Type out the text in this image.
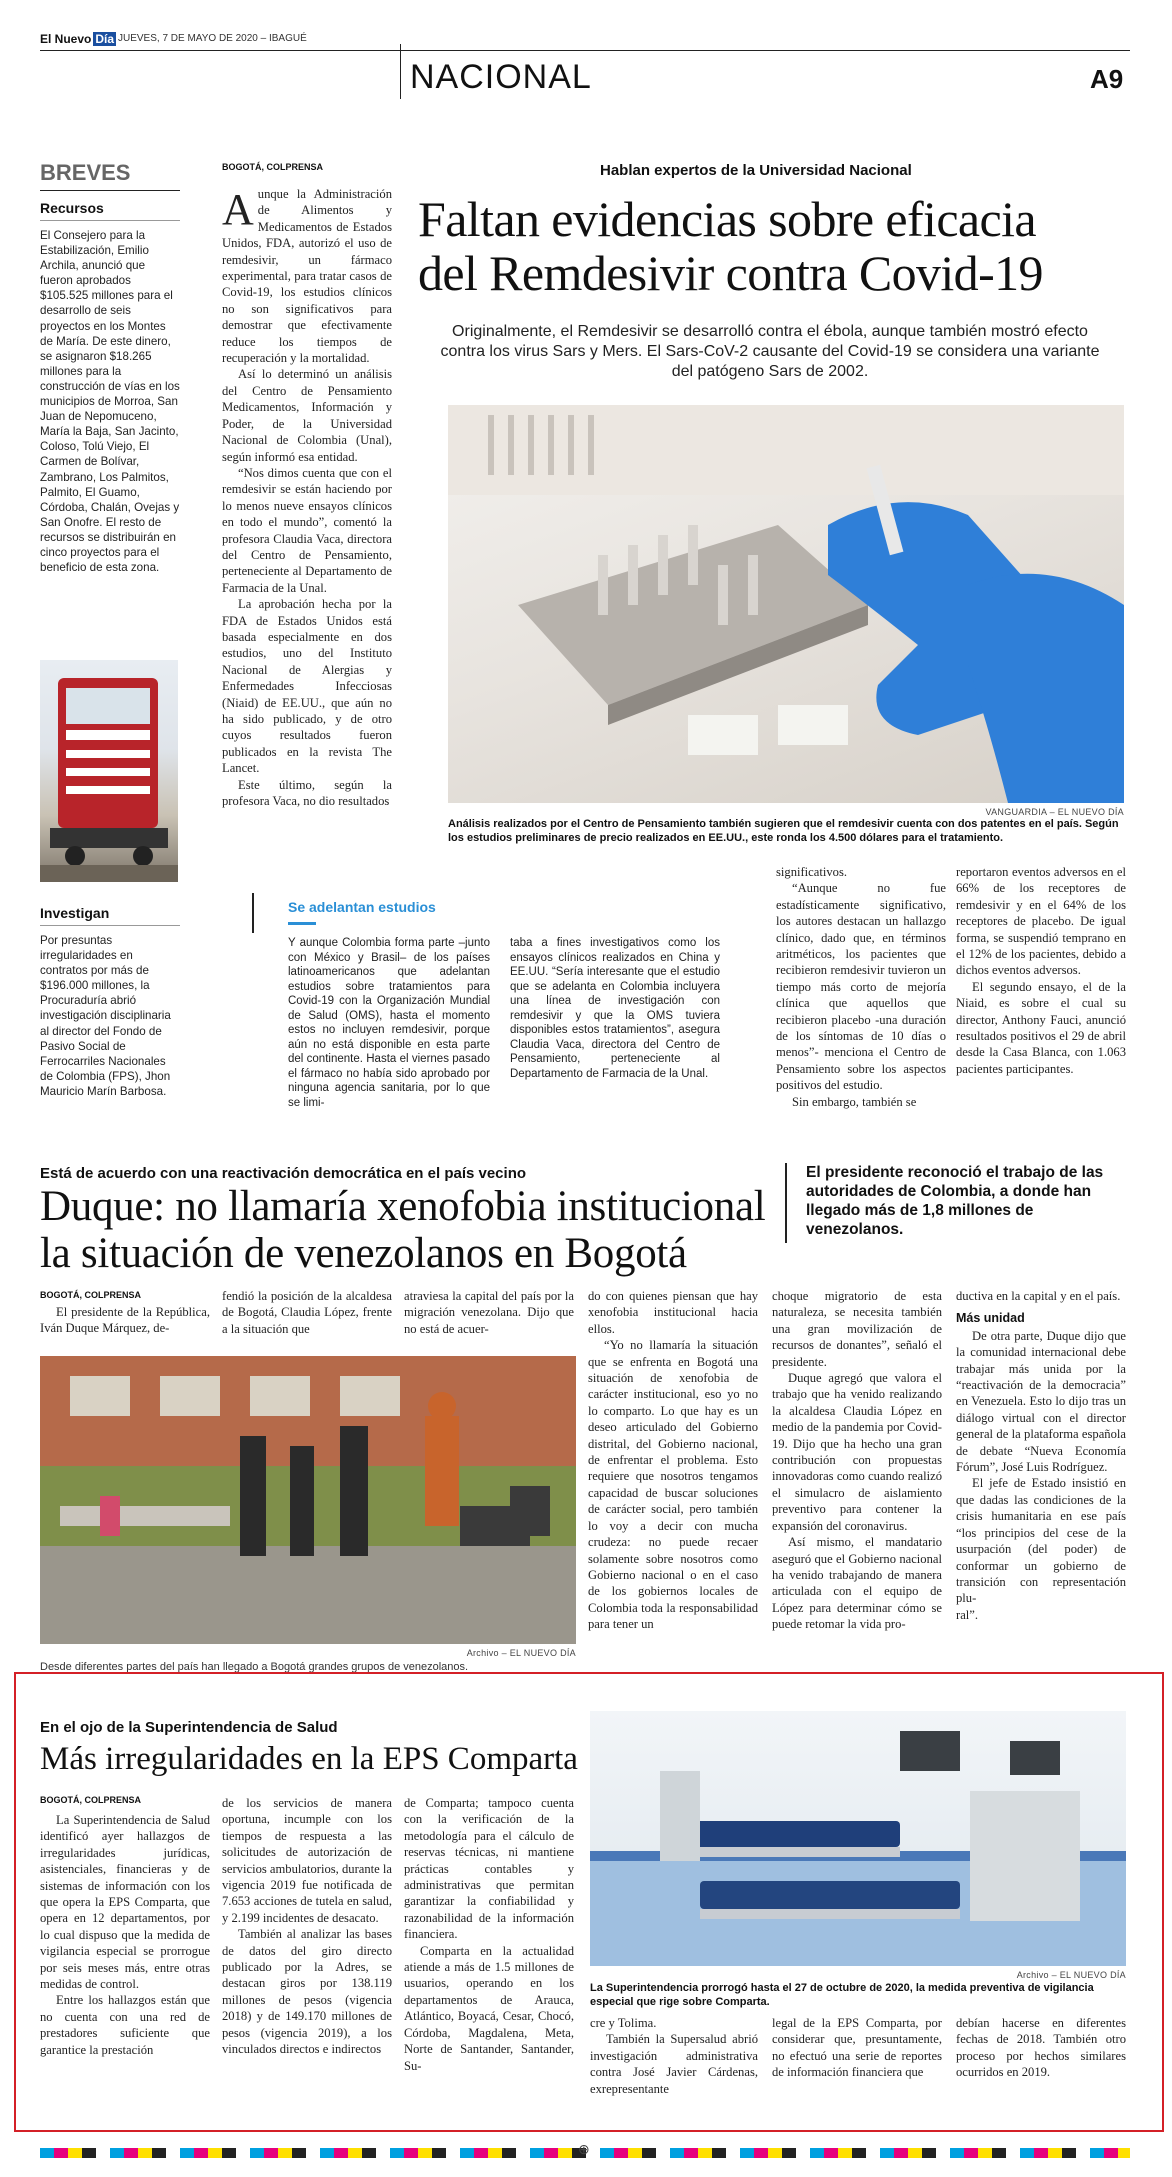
El Nuevo Día JUEVES, 7 DE MAYO DE 2020 – IBAGUÉ
NACIONAL	A9
BREVES
Recursos
El Consejero para la Estabilización, Emilio Archila, anunció que fueron aprobados $105.525 millones para el desarrollo de seis proyectos en los Montes de María. De este dinero, se asignaron $18.265 millones para la construcción de vías en los municipios de Morroa, San Juan de Nepomuceno, María la Baja, San Jacinto, Coloso, Tolú Viejo, El Carmen de Bolívar, Zambrano, Los Palmitos, Palmito, El Guamo, Córdoba, Chalán, Ovejas y San Onofre. El resto de recursos se distribuirán en cinco proyectos para el beneficio de esta zona.
Investigan
Por presuntas irregularidades en contratos por más de $196.000 millones, la Procuraduría abrió investigación disciplinaria al director del Fondo de Pasivo Social de Ferrocarriles Nacionales de Colombia (FPS), Jhon Mauricio Marín Barbosa.
Hablan expertos de la Universidad Nacional
Faltan evidencias sobre eficacia
del Remdesivir contra Covid-19
Originalmente, el Remdesivir se desarrolló contra el ébola, aunque también mostró efecto contra los virus Sars y Mers. El Sars-CoV-2 causante del Covid-19 se considera una variante del patógeno Sars de 2002.
BOGOTÁ, COLPRENSA
A unque la Administración de Alimentos y Medicamentos de Estados Unidos, FDA, autorizó el uso de remdesivir, un fármaco experimental, para tratar casos de Covid-19, los estudios clínicos no son significativos para demostrar que efectivamente reduce los tiempos de recuperación y la mortalidad.

Así lo determinó un análisis del Centro de Pensamiento Medicamentos, Información y Poder, de la Universidad Nacional de Colombia (Unal), según informó esa entidad.

“Nos dimos cuenta que con el remdesivir se están haciendo por lo menos nueve ensayos clínicos en todo el mundo”, comentó la profesora Claudia Vaca, directora del Centro de Pensamiento, perteneciente al Departamento de Farmacia de la Unal.

La aprobación hecha por la FDA de Estados Unidos está basada especialmente en dos estudios, uno del Instituto Nacional de Alergias y Enfermedades Infecciosas (Niaid) de EE.UU., que aún no ha sido publicado, y de otro cuyos resultados fueron publicados en la revista The Lancet.

Este último, según la profesora Vaca, no dio resultados

VANGUARDIA – EL NUEVO DÍA
Análisis realizados por el Centro de Pensamiento también sugieren que el remdesivir cuenta con dos patentes en el país. Según los estudios preliminares de precio realizados en EE.UU., este ronda los 4.500 dólares para el tratamiento.

significativos.

“Aunque no fue estadísticamente significativo, los autores destacan un hallazgo clínico, dado que, en términos aritméticos, los pacientes que recibieron remdesivir tuvieron un tiempo más corto de mejoría clínica que aquellos que recibieron placebo -una duración de los síntomas de 10 días o menos”- menciona el Centro de Pensamiento sobre los aspectos positivos del estudio.

Sin embargo, también se

reportaron eventos adversos en el 66% de los receptores de remdesivir y en el 64% de los receptores de placebo. De igual forma, se suspendió temprano en el 12% de los pacientes, debido a dichos eventos adversos.

El segundo ensayo, el de la Niaid, es sobre el cual su director, Anthony Fauci, anunció resultados positivos el 29 de abril desde la Casa Blanca, con 1.063 pacientes participantes.

Se adelantan estudios
Y aunque Colombia forma parte –junto con México y Brasil– de los países latinoamericanos que adelantan estudios sobre tratamientos para Covid-19 con la Organización Mundial de Salud (OMS), hasta el momento estos no incluyen remdesivir, porque aún no está disponible en esta parte del continente. Hasta el viernes pasado el fármaco no había sido aprobado por ninguna agencia sanitaria, por lo que se limi-
taba a fines investigativos como los ensayos clínicos realizados en China y EE.UU. “Sería interesante que el estudio que se adelanta en Colombia incluyera una línea de investigación con remdesivir y que la OMS tuviera disponibles estos tratamientos”, asegura Claudia Vaca, directora del Centro de Pensamiento, perteneciente al Departamento de Farmacia de la Unal.
Está de acuerdo con una reactivación democrática en el país vecino
Duque: no llamaría xenofobia institucional
la situación de venezolanos en Bogotá
El presidente reconoció el trabajo de las autoridades de Colombia, a donde han llegado más de 1,8 millones de venezolanos.
BOGOTÁ, COLPRENSA

El presidente de la República, Iván Duque Márquez, de-

fendió la posición de la alcaldesa de Bogotá, Claudia López, frente a la situación que

atraviesa la capital del país por la migración venezolana. Dijo que no está de acuer-

Archivo – EL NUEVO DÍA
Desde diferentes partes del país han llegado a Bogotá grandes grupos de venezolanos.

do con quienes piensan que hay xenofobia institucional hacia ellos.

“Yo no llamaría la situación que se enfrenta en Bogotá una situación de xenofobia de carácter institucional, eso yo no lo comparto. Lo que hay es un deseo articulado del Gobierno distrital, del Gobierno nacional, de enfrentar el problema. Esto requiere que nosotros tengamos capacidad de buscar soluciones de carácter social, pero también lo voy a decir con mucha crudeza: no puede recaer solamente sobre nosotros como Gobierno nacional o en el caso de los gobiernos locales de Colombia toda la responsabilidad para tener un

choque migratorio de esta naturaleza, se necesita también una gran movilización de recursos de donantes”, señaló el presidente.

Duque agregó que valora el trabajo que ha venido realizando la alcaldesa Claudia López en medio de la pandemia por Covid-19. Dijo que ha hecho una gran contribución con propuestas innovadoras como cuando realizó el simulacro de aislamiento preventivo para contener la expansión del coronavirus.

Así mismo, el mandatario aseguró que el Gobierno nacional ha venido trabajando de manera articulada con el equipo de López para determinar cómo se puede retomar la vida pro-

ductiva en la capital y en el país.

Más unidad

De otra parte, Duque dijo que la comunidad internacional debe trabajar más unida por la “reactivación de la democracia” en Venezuela. Esto lo dijo tras un diálogo virtual con el director general de la plataforma española de debate “Nueva Economía Fórum”, José Luis Rodríguez.

El jefe de Estado insistió en que dadas las condiciones de la crisis humanitaria en ese país “los principios del cese de la usurpación (del poder) de conformar un gobierno de transición con representación plu-

ral”.

En el ojo de la Superintendencia de Salud
Más irregularidades en la EPS Comparta
BOGOTÁ, COLPRENSA

La Superintendencia de Salud identificó ayer hallazgos de irregularidades jurídicas, asistenciales, financieras y de sistemas de información con los que opera la EPS Comparta, que opera en 12 departamentos, por lo cual dispuso que la medida de vigilancia especial se prorrogue por seis meses más, entre otras medidas de control.

Entre los hallazgos están que no cuenta con una red de prestadores suficiente que garantice la prestación

de los servicios de manera oportuna, incumple con los tiempos de respuesta a las solicitudes de autorización de servicios ambulatorios, durante la vigencia 2019 fue notificada de 7.653 acciones de tutela en salud, y 2.199 incidentes de desacato.

También al analizar las bases de datos del giro directo publicado por la Adres, se destacan giros por 138.119 millones de pesos (vigencia 2018) y de 149.170 millones de pesos (vigencia 2019), a los vinculados directos e indirectos

de Comparta; tampoco cuenta con la verificación de la metodología para el cálculo de reservas técnicas, ni mantiene prácticas contables y administrativas que permitan garantizar la confiabilidad y razonabilidad de la información financiera.

Comparta en la actualidad atiende a más de 1.5 millones de usuarios, operando en los departamentos de Arauca, Atlántico, Boyacá, Cesar, Chocó, Córdoba, Magdalena, Meta, Norte de Santander, Santander, Su-

Archivo – EL NUEVO DÍA
La Superintendencia prorrogó hasta el 27 de octubre de 2020, la medida preventiva de vigilancia especial que rige sobre Comparta.

cre y Tolima.

También la Supersalud abrió investigación administrativa contra José Javier Cárdenas, exrepresentante

legal de la EPS Comparta, por considerar que, presuntamente, no efectuó una serie de reportes de información financiera que

debían hacerse en diferentes fechas de 2018. También otro proceso por hechos similares ocurridos en 2019.

⊕
